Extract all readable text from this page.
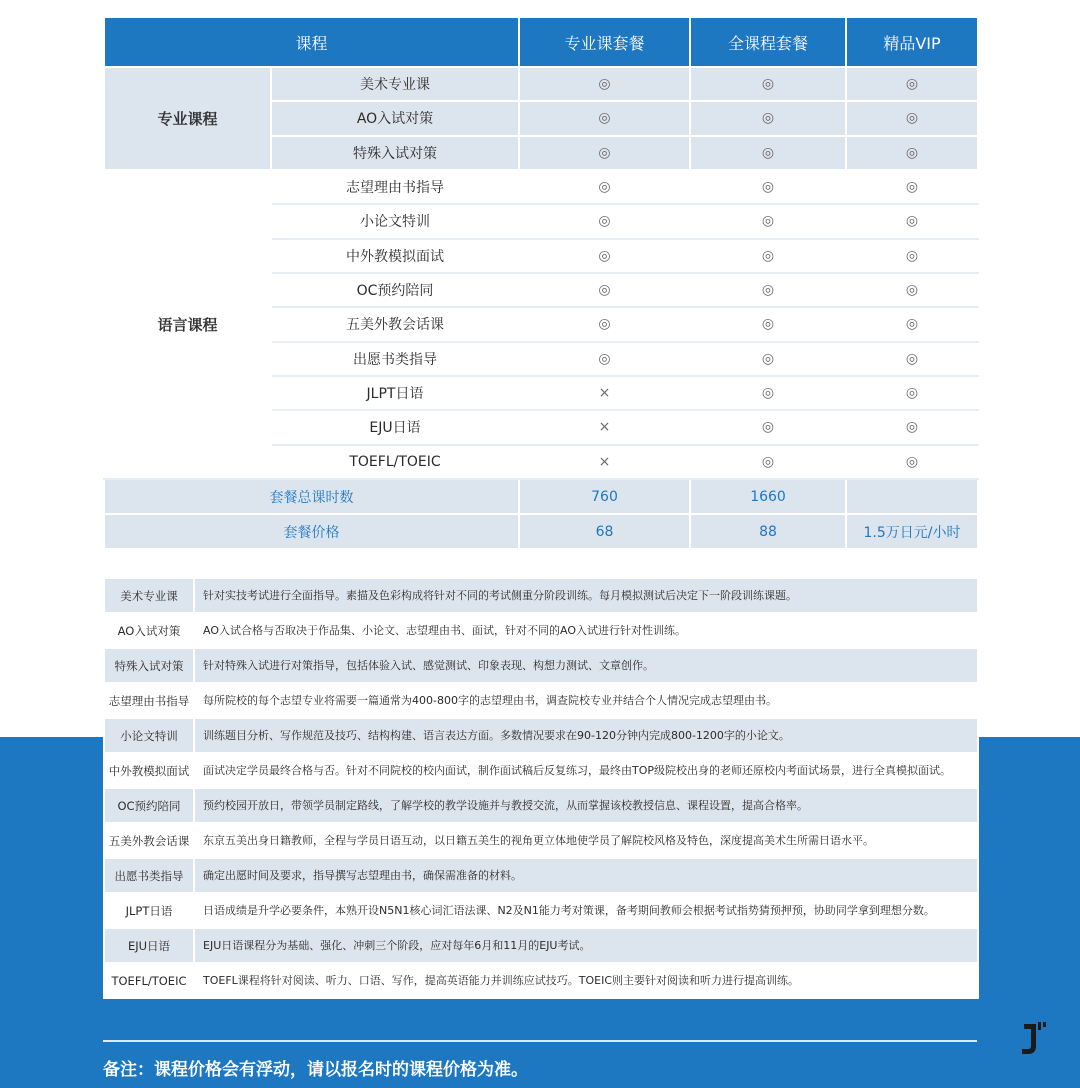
课程		专业课套餐	全课程套餐	精品VIP
专业课程	美术专业课	◎	◎	◎
	AO入试对策	◎	◎	◎
	特殊入试对策	◎	◎	◎
语言课程	志望理由书指导	◎	◎	◎
	小论文特训	◎	◎	◎
	中外教模拟面试	◎	◎	◎
	OC预约陪同	◎	◎	◎
	五美外教会话课	◎	◎	◎
	出愿书类指导	◎	◎	◎
	JLPT日语	×	◎	◎
	EJU日语	×	◎	◎
	TOEFL/TOEIC	×	◎	◎
套餐总课时数		760	1660	
套餐价格		68	88	1.5万日元/小时
美术专业课	针对实技考试进行全面指导。素描及色彩构成将针对不同的考试侧重分阶段训练。每月模拟测试后决定下一阶段训练课题。
AO入试对策	AO入试合格与否取决于作品集、小论文、志望理由书、面试，针对不同的AO入试进行针对性训练。
特殊入试对策	针对特殊入试进行对策指导，包括体验入试、感觉测试、印象表现、构想力测试、文章创作。
志望理由书指导	每所院校的每个志望专业将需要一篇通常为400-800字的志望理由书，调查院校专业并结合个人情况完成志望理由书。
小论文特训	训练题目分析、写作规范及技巧、结构构建、语言表达方面。多数情况要求在90-120分钟内完成800-1200字的小论文。
中外教模拟面试	面试决定学员最终合格与否。针对不同院校的校内面试，制作面试稿后反复练习，最终由TOP级院校出身的老师还原校内考面试场景，进行全真模拟面试。
OC预约陪同	预约校园开放日，带领学员制定路线，了解学校的教学设施并与教授交流，从而掌握该校教授信息、课程设置，提高合格率。
五美外教会话课	东京五美出身日籍教师，全程与学员日语互动，以日籍五美生的视角更立体地使学员了解院校风格及特色，深度提高美术生所需日语水平。
出愿书类指导	确定出愿时间及要求，指导撰写志望理由书，确保需准备的材料。
JLPT日语	日语成绩是升学必要条件，本熟开设N5N1核心词汇语法课、N2及N1能力考对策课，备考期间教师会根据考试指势猜预押预，协助同学拿到理想分数。
EJU日语	EJU日语课程分为基础、强化、冲刺三个阶段，应对每年6月和11月的EJU考试。
TOEFL/TOEIC	TOEFL课程将针对阅读、听力、口语、写作，提高英语能力并训练应试技巧。TOEIC则主要针对阅读和听力进行提高训练。
备注：课程价格会有浮动，请以报名时的课程价格为准。
